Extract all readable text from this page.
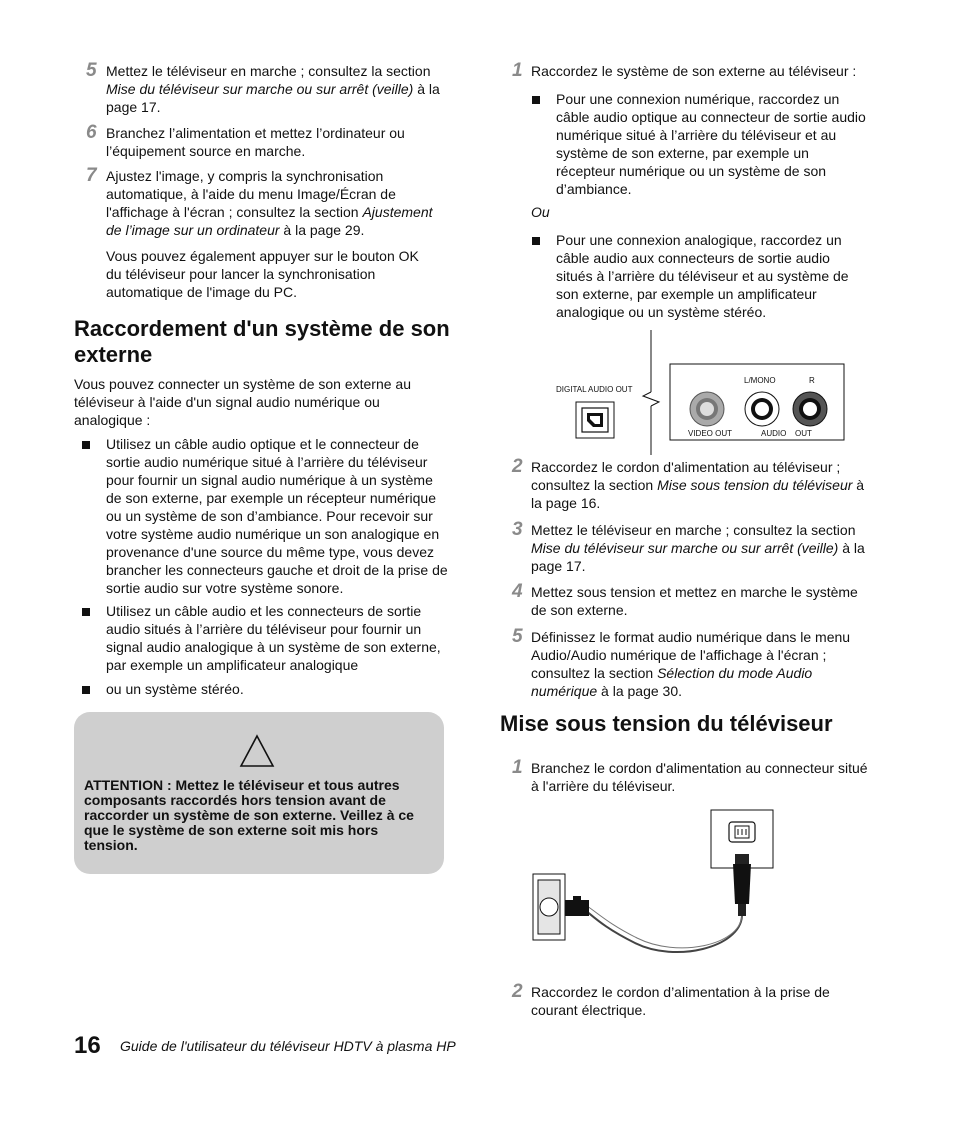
5 Mettez le téléviseur en marche ; consultez la section Mise du téléviseur sur marche ou sur arrêt (veille) à la page 17.
6 Branchez l’alimentation et mettez l’ordinateur ou l’équipement source en marche.
7 Ajustez l'image, y compris la synchronisation automatique, à l'aide du menu Image/Écran de l'affichage à l'écran ; consultez la section Ajustement de l’image sur un ordinateur à la page 29.
Vous pouvez également appuyer sur le bouton OK du téléviseur pour lancer la synchronisation automatique de l'image du PC.
Raccordement d'un système de son externe
Vous pouvez connecter un système de son externe au téléviseur à l'aide d'un signal audio numérique ou analogique :
Utilisez un câble audio optique et le connecteur de sortie audio numérique situé à l’arrière du téléviseur pour fournir un signal audio numérique à un système de son externe, par exemple un récepteur numérique ou un système de son d’ambiance. Pour recevoir sur votre système audio numérique un son analogique en provenance d'une source du même type, vous devez brancher les connecteurs gauche et droit de la prise de sortie audio sur votre système sonore.
Utilisez un câble audio et les connecteurs de sortie audio situés à l’arrière du téléviseur pour fournir un signal audio analogique à un système de son externe, par exemple un amplificateur analogique
ou un système stéréo.
ATTENTION : Mettez le téléviseur et tous autres composants raccordés hors tension avant de raccorder un système de son externe. Veillez à ce que le système de son externe soit mis hors tension.
1 Raccordez le système de son externe au téléviseur :
Pour une connexion numérique, raccordez un câble audio optique au connecteur de sortie audio numérique situé à l’arrière du téléviseur et au système de son externe, par exemple un récepteur numérique ou un système de son d’ambiance.
Ou
Pour une connexion analogique, raccordez un câble audio aux connecteurs de sortie audio situés à l’arrière du téléviseur et au système de son externe, par exemple un amplificateur analogique ou un système stéréo.
DIGITAL AUDIO OUT
L/MONO	R
VIDEO OUT	AUDIO OUT
2 Raccordez le cordon d'alimentation au téléviseur ; consultez la section Mise sous tension du téléviseur à la page 16.
3 Mettez le téléviseur en marche ; consultez la section Mise du téléviseur sur marche ou sur arrêt (veille) à la page 17.
4 Mettez sous tension et mettez en marche le système de son externe.
5 Définissez le format audio numérique dans le menu Audio/Audio numérique de l'affichage à l'écran ; consultez la section Sélection du mode Audio numérique à la page 30.
Mise sous tension du téléviseur
1 Branchez le cordon d'alimentation au connecteur situé à l'arrière du téléviseur.
2 Raccordez le cordon d’alimentation à la prise de courant électrique.
16 Guide de l'utilisateur du téléviseur HDTV à plasma HP
